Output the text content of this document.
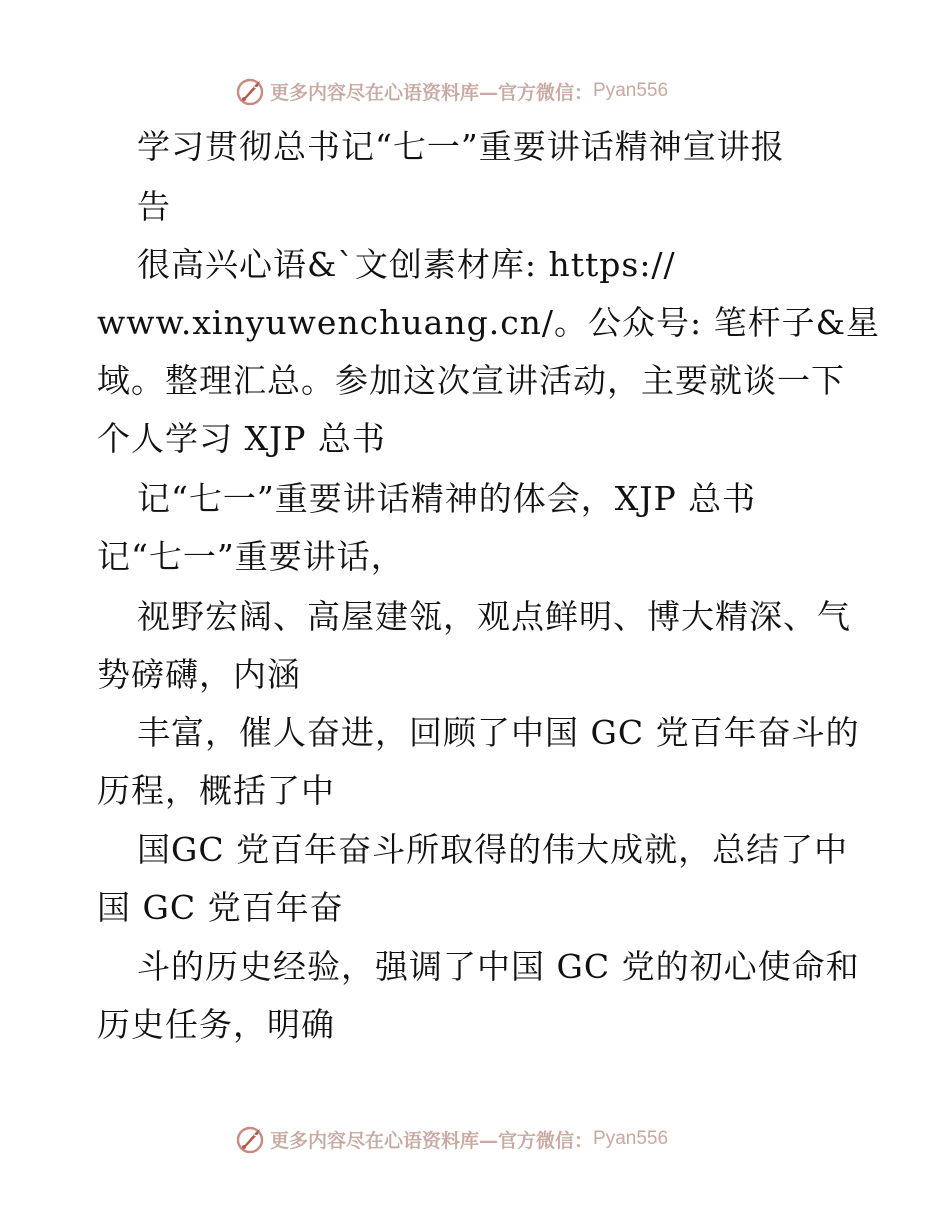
更多内容尽在心语资料库—官方微信： Pyan556
学习贯彻总书记“七一”重要讲话精神宣讲报
告
很高兴心语&`文创素材库: https://
www.xinyuwenchuang.cn/。公众号: 笔杆子&星
域。整理汇总。参加这次宣讲活动，主要就谈一下
个人学习 XJP 总书
记“七一”重要讲话精神的体会，XJP 总书
记“七一”重要讲话，
视野宏阔、高屋建瓴，观点鲜明、博大精深、气
势磅礴，内涵
丰富，催人奋进，回顾了中国 GC 党百年奋斗的
历程，概括了中
国GC 党百年奋斗所取得的伟大成就，总结了中
国 GC 党百年奋
斗的历史经验，强调了中国 GC 党的初心使命和
历史任务，明确
更多内容尽在心语资料库—官方微信： Pyan556
